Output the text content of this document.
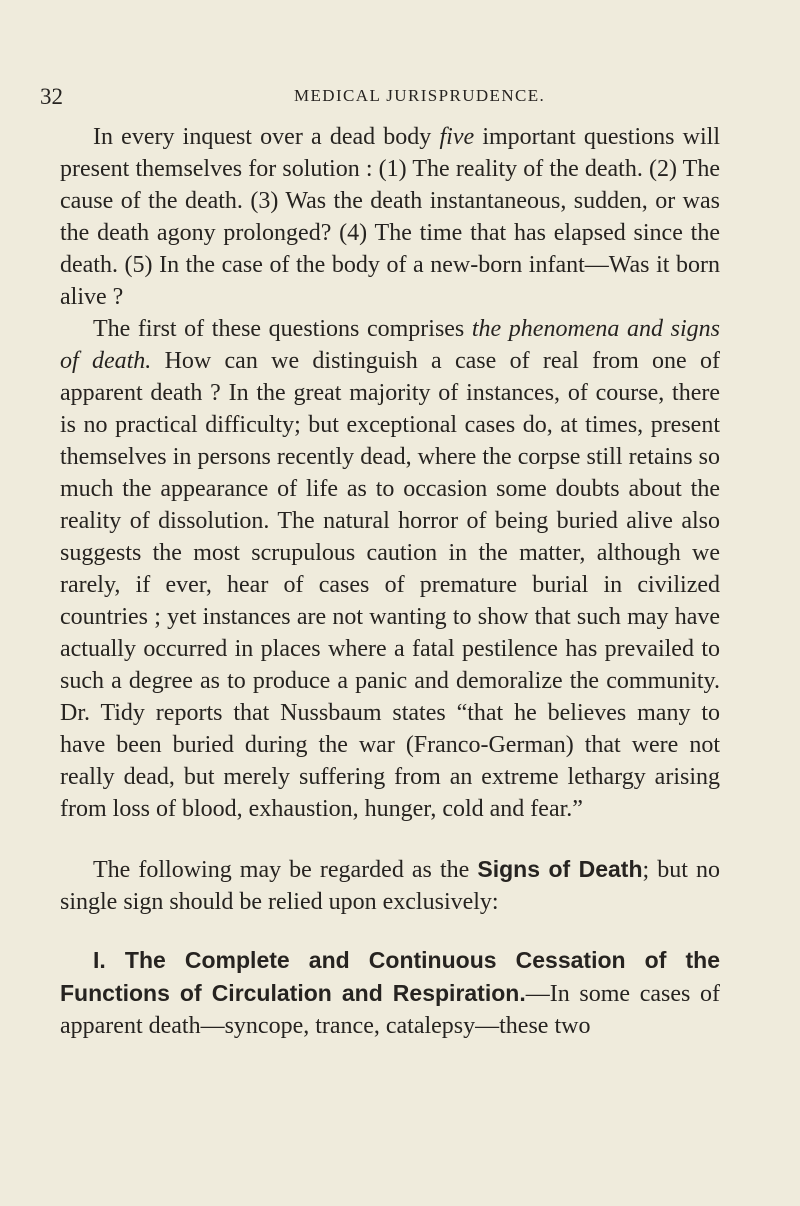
32	MEDICAL JURISPRUDENCE.

In every inquest over a dead body five important questions will present themselves for solution : (1) The reality of the death. (2) The cause of the death. (3) Was the death instantaneous, sudden, or was the death agony prolonged? (4) The time that has elapsed since the death. (5) In the case of the body of a new-born infant—Was it born alive ?

The first of these questions comprises the phenomena and signs of death. How can we distinguish a case of real from one of apparent death ? In the great majority of instances, of course, there is no practical difficulty; but exceptional cases do, at times, present themselves in persons recently dead, where the corpse still retains so much the appearance of life as to occasion some doubts about the reality of dissolution. The natural horror of being buried alive also suggests the most scrupulous caution in the matter, although we rarely, if ever, hear of cases of premature burial in civilized countries ; yet instances are not wanting to show that such may have actually occurred in places where a fatal pestilence has prevailed to such a degree as to produce a panic and demoralize the community. Dr. Tidy reports that Nussbaum states “that he believes many to have been buried during the war (Franco-German) that were not really dead, but merely suffering from an extreme lethargy arising from loss of blood, exhaustion, hunger, cold and fear.”

The following may be regarded as the Signs of Death; but no single sign should be relied upon exclusively:

I. The Complete and Continuous Cessation of the Functions of Circulation and Respiration.—In some cases of apparent death—syncope, trance, catalepsy—these two
